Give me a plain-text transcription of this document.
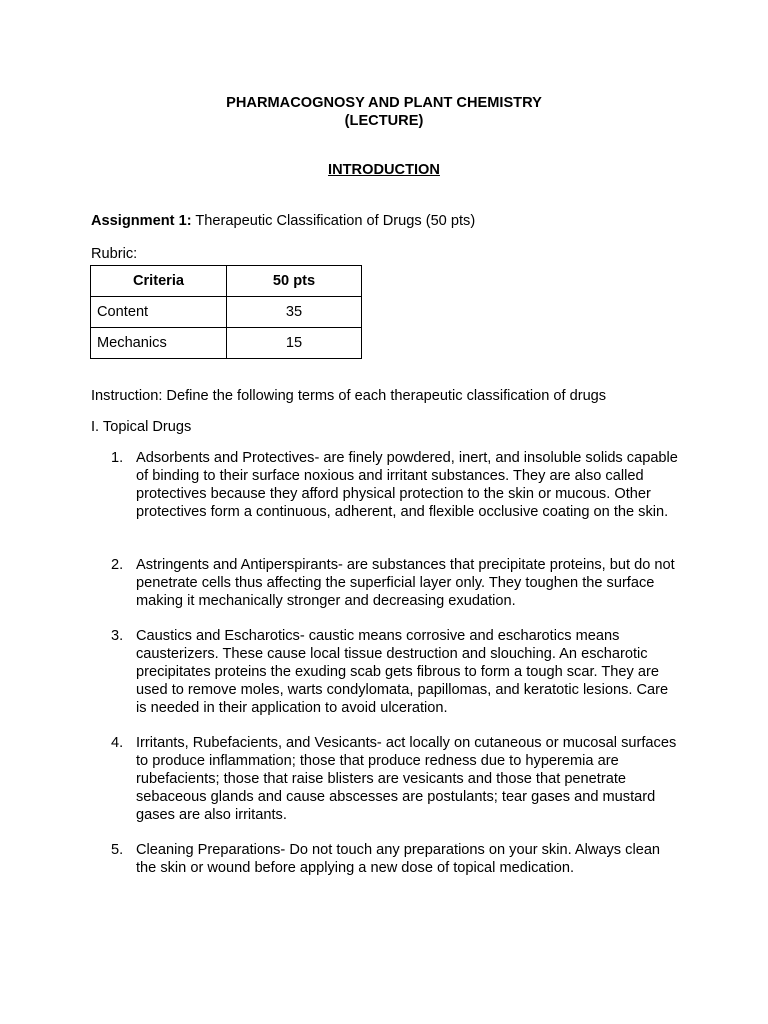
PHARMACOGNOSY AND PLANT CHEMISTRY
(LECTURE)
INTRODUCTION
Assignment 1: Therapeutic Classification of Drugs (50 pts)
Rubric:
Criteria	50 pts
Content	35
Mechanics	15
Instruction: Define the following terms of each therapeutic classification of drugs
I. Topical Drugs
1. Adsorbents and Protectives- are finely powdered, inert, and insoluble solids capable of binding to their surface noxious and irritant substances. They are also called protectives because they afford physical protection to the skin or mucous. Other protectives form a continuous, adherent, and flexible occlusive coating on the skin.
2. Astringents and Antiperspirants- are substances that precipitate proteins, but do not penetrate cells thus affecting the superficial layer only. They toughen the surface making it mechanically stronger and decreasing exudation.
3. Caustics and Escharotics- caustic means corrosive and escharotics means causterizers. These cause local tissue destruction and slouching. An escharotic precipitates proteins the exuding scab gets fibrous to form a tough scar. They are used to remove moles, warts condylomata, papillomas, and keratotic lesions. Care is needed in their application to avoid ulceration.
4. Irritants, Rubefacients, and Vesicants- act locally on cutaneous or mucosal surfaces to produce inflammation; those that produce redness due to hyperemia are rubefacients; those that raise blisters are vesicants and those that penetrate sebaceous glands and cause abscesses are postulants; tear gases and mustard gases are also irritants.
5. Cleaning Preparations- Do not touch any preparations on your skin. Always clean the skin or wound before applying a new dose of topical medication.
